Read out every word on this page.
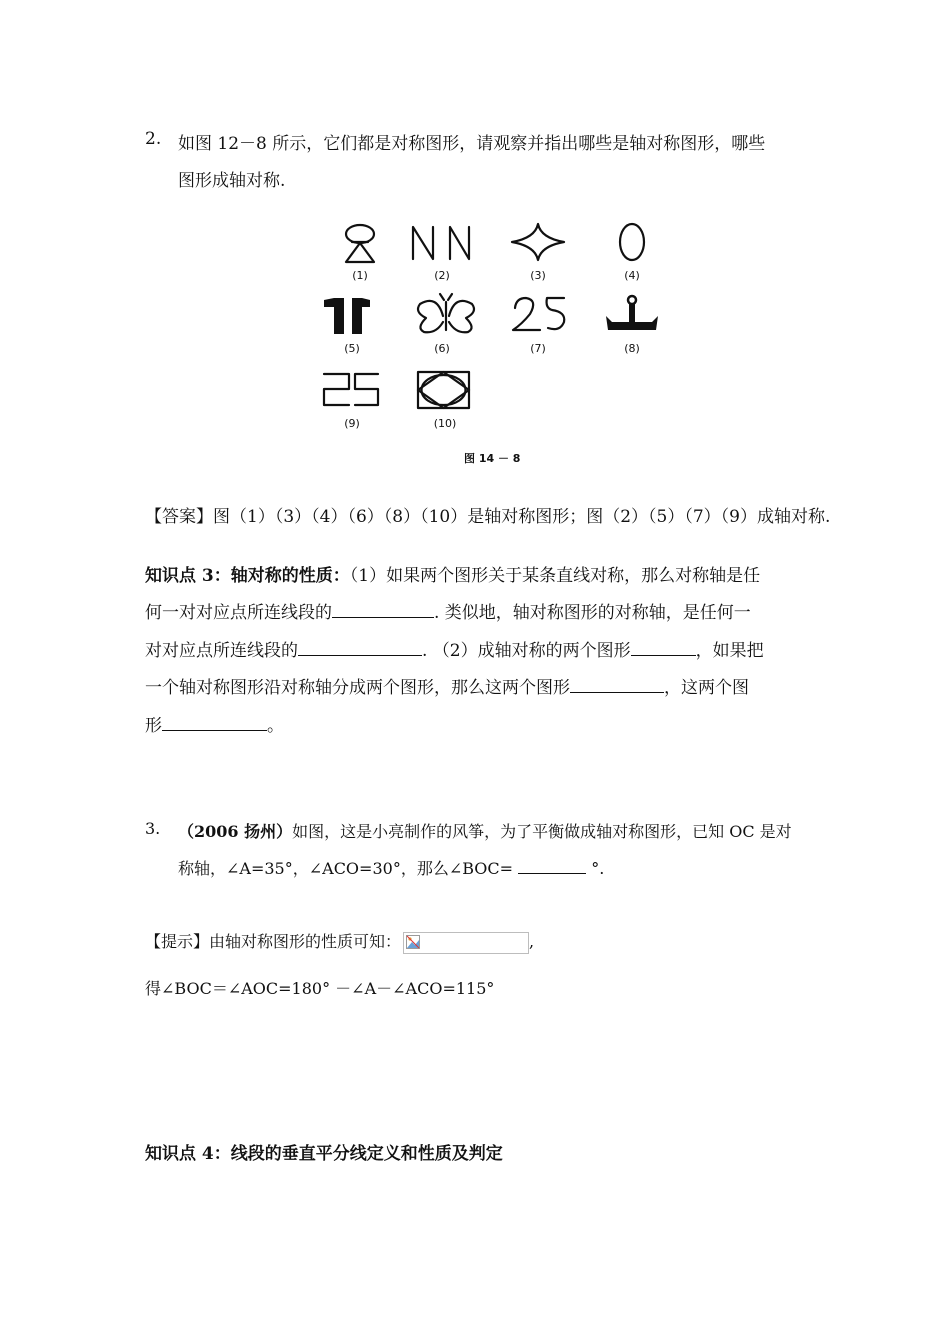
2. 如图 12－8 所示，它们都是对称图形，请观察并指出哪些是轴对称图形，哪些
图形成轴对称.
(1)	(2)	(3)	(4)
(5)	(6)	(7)	(8)
(9)	(10)
图 14 － 8
【答案】图（1）（3）（4）（6）（8）（10）是轴对称图形；图（2）（5）（7）（9）成轴对称.
知识点 3：轴对称的性质：（1）如果两个图形关于某条直线对称，那么对称轴是任
何一对对应点所连线段的	. 类似地，轴对称图形的对称轴，是任何一
对对应点所连线段的	. （2）成轴对称的两个图形	，如果把
一个轴对称图形沿对称轴分成两个图形，那么这两个图形	，这两个图
形	。
3. （2006 扬州）如图，这是小亮制作的风筝，为了平衡做成轴对称图形，已知 OC 是对
称轴，∠A=35°，∠ACO=30°，那么∠BOC=	°.
【提示】由轴对称图形的性质可知：	,
得∠BOC＝∠AOC=180° －∠A－∠ACO=115°
知识点 4：线段的垂直平分线定义和性质及判定
